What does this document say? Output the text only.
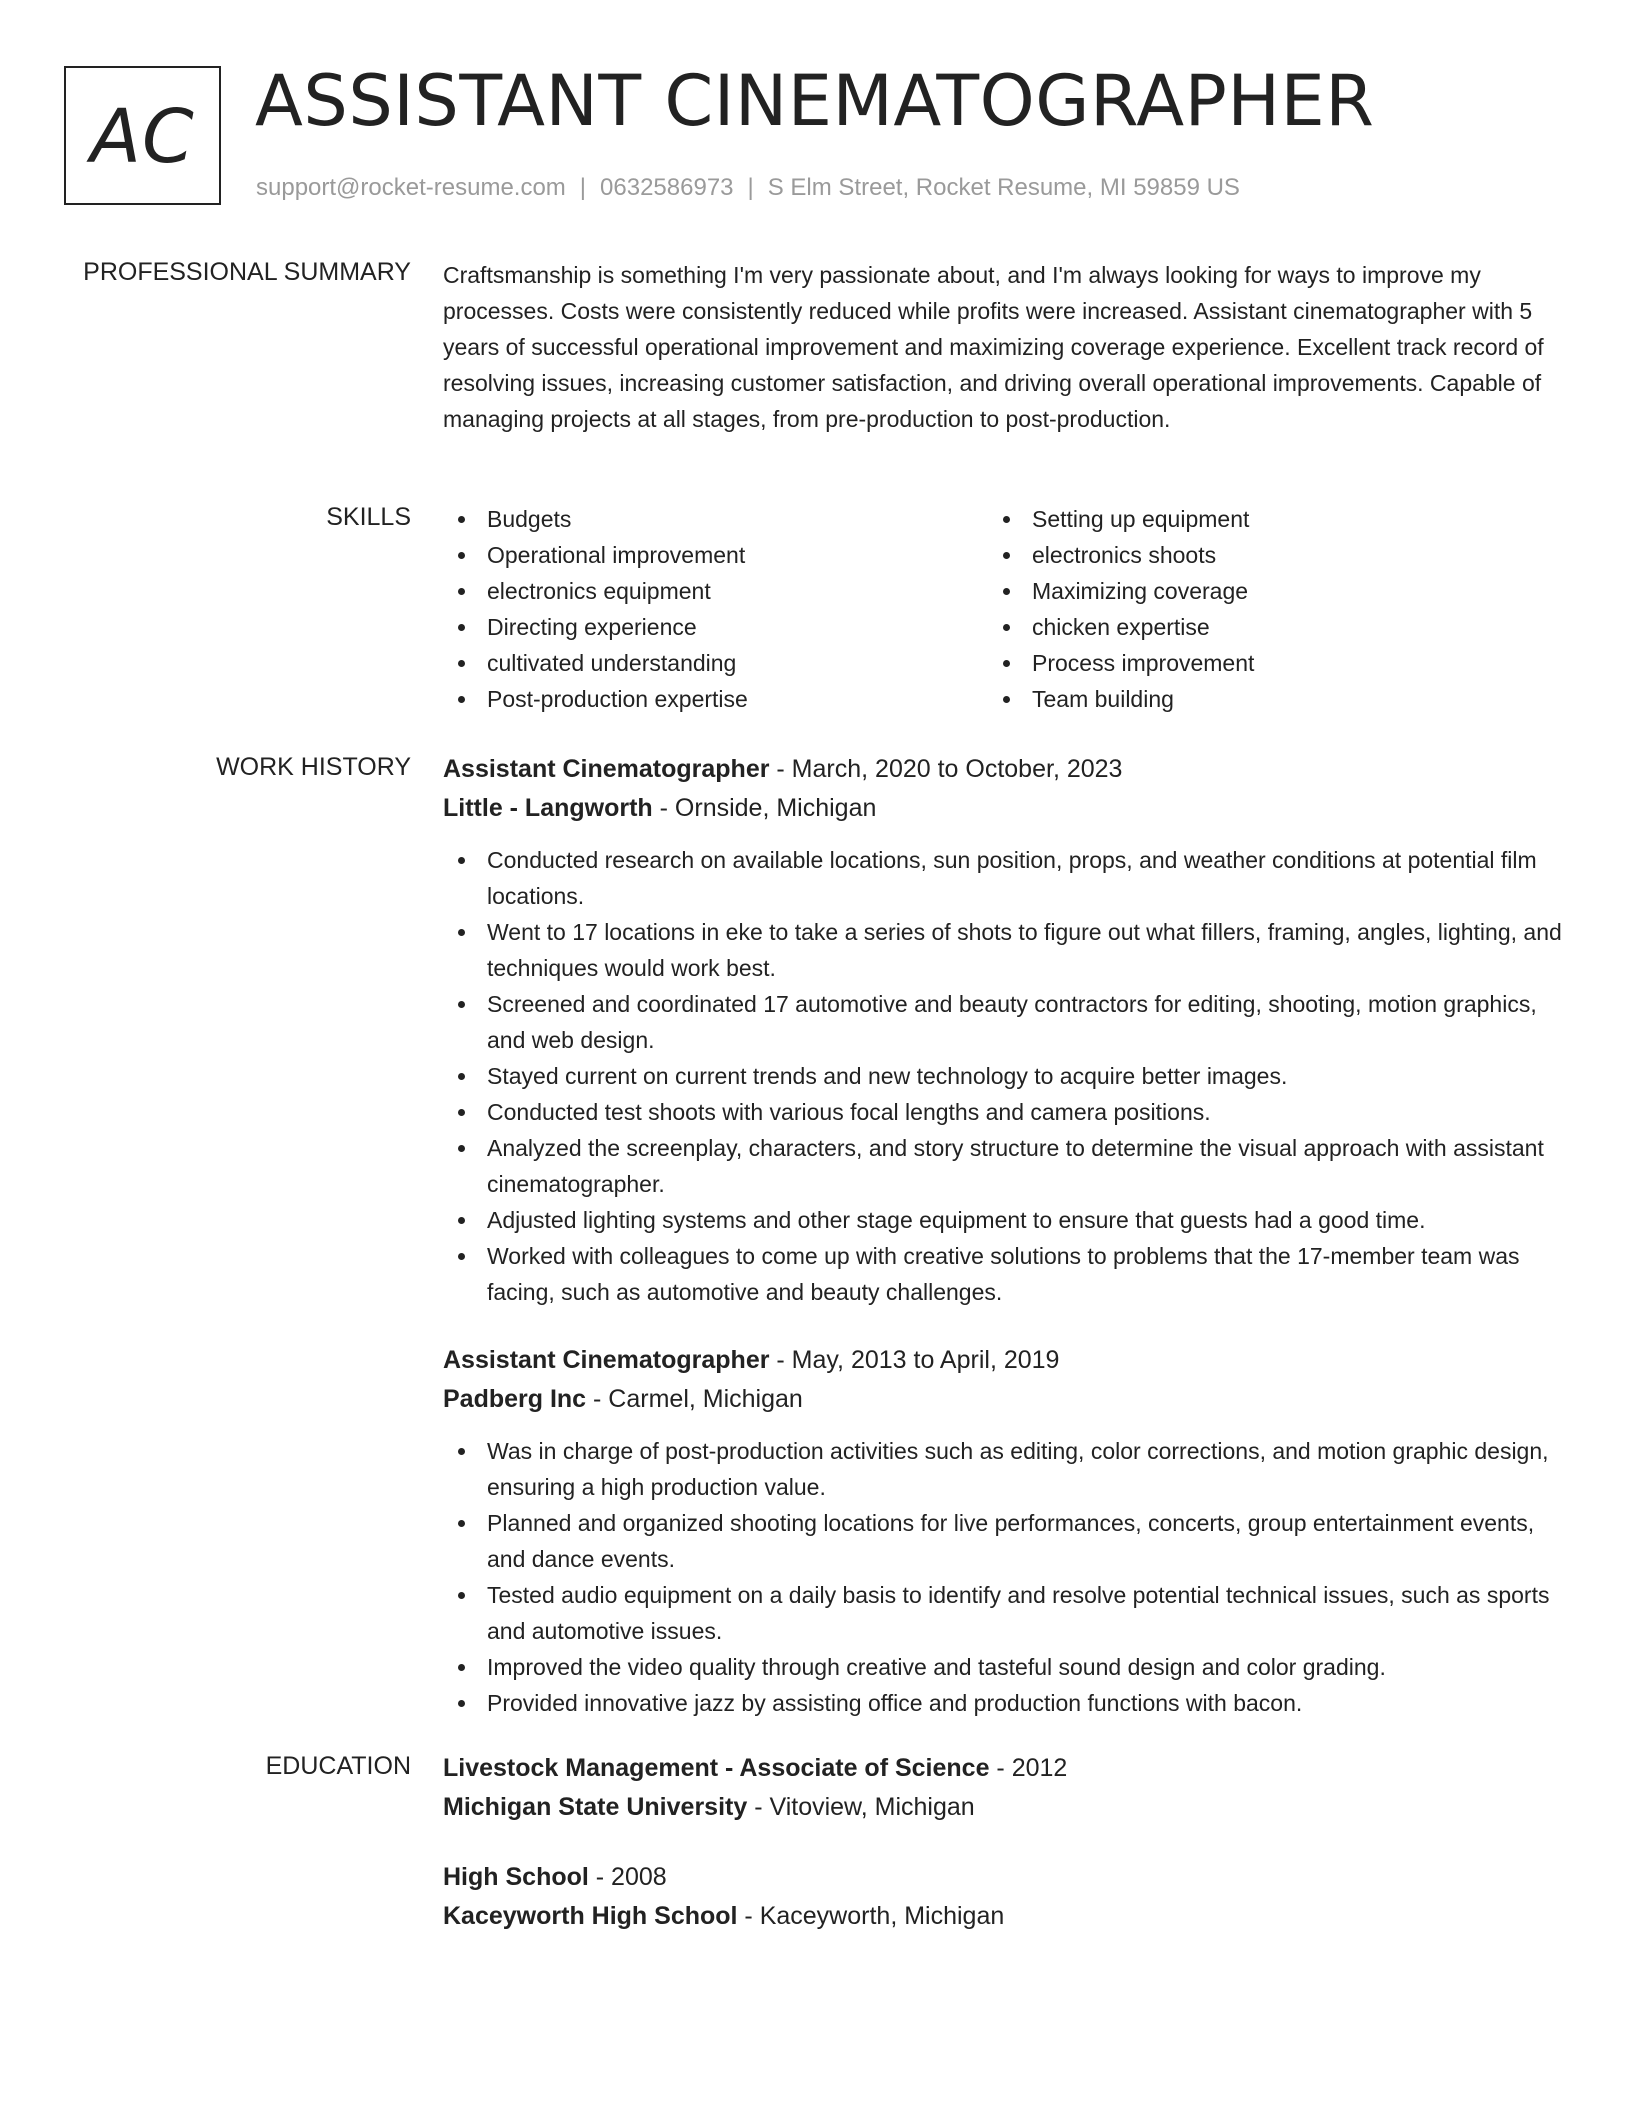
AC ASSISTANT CINEMATOGRAPHER
support@rocket-resume.com | 0632586973 | S Elm Street, Rocket Resume, MI 59859 US
PROFESSIONAL SUMMARY Craftsmanship is something I'm very passionate about, and I'm always looking for ways to improve my processes. Costs were consistently reduced while profits were increased. Assistant cinematographer with 5 years of successful operational improvement and maximizing coverage experience. Excellent track record of resolving issues, increasing customer satisfaction, and driving overall operational improvements. Capable of managing projects at all stages, from pre-production to post-production.

SKILLS	Budgets
Operational improvement
electronics equipment
Directing experience
cultivated understanding
Post-production expertise
Setting up equipment
electronics shoots
Maximizing coverage
chicken expertise
Process improvement
Team building
WORK HISTORY Assistant Cinematographer - March, 2020 to October, 2023
Little - Langworth - Ornside, Michigan
Conducted research on available locations, sun position, props, and weather conditions at potential film locations.
Went to 17 locations in eke to take a series of shots to figure out what fillers, framing, angles, lighting, and techniques would work best.
Screened and coordinated 17 automotive and beauty contractors for editing, shooting, motion graphics, and web design.
Stayed current on current trends and new technology to acquire better images.
Conducted test shoots with various focal lengths and camera positions.
Analyzed the screenplay, characters, and story structure to determine the visual approach with assistant cinematographer.
Adjusted lighting systems and other stage equipment to ensure that guests had a good time.
Worked with colleagues to come up with creative solutions to problems that the 17-member team was facing, such as automotive and beauty challenges.
Assistant Cinematographer - May, 2013 to April, 2019
Padberg Inc - Carmel, Michigan
Was in charge of post-production activities such as editing, color corrections, and motion graphic design, ensuring a high production value.
Planned and organized shooting locations for live performances, concerts, group entertainment events, and dance events.
Tested audio equipment on a daily basis to identify and resolve potential technical issues, such as sports and automotive issues.
Improved the video quality through creative and tasteful sound design and color grading.
Provided innovative jazz by assisting office and production functions with bacon.
EDUCATION Livestock Management - Associate of Science - 2012
Michigan State University - Vitoview, Michigan
High School - 2008
Kaceyworth High School - Kaceyworth, Michigan
